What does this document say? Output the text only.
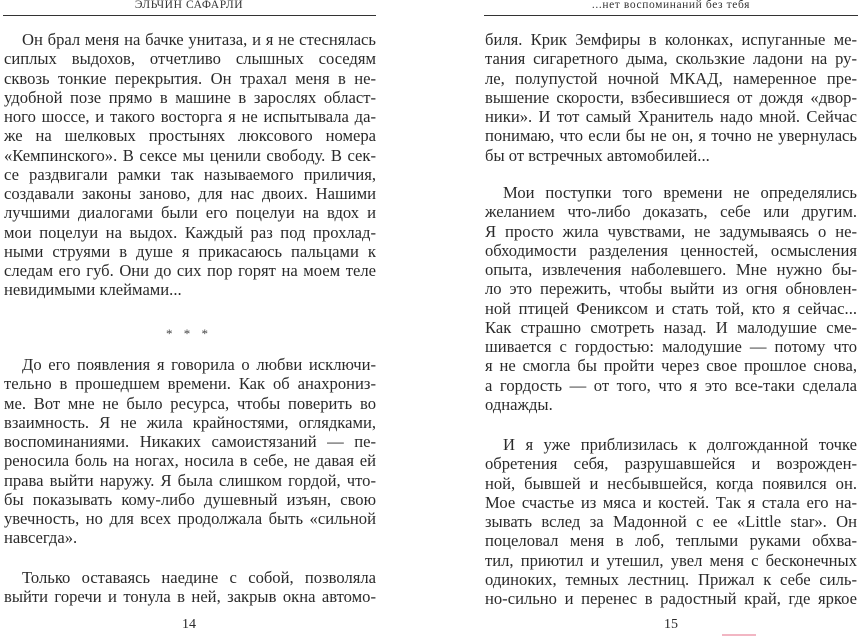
ЭЛЬЧИН САФАРЛИ
Он брал меня на бачке унитаза, и я не стеснялась
сиплых выдохов, отчетливо слышных соседям
сквозь тонкие перекрытия. Он трахал меня в не-
удобной позе прямо в машине в зарослях област-
ного шоссе, и такого восторга я не испытывала да-
же на шелковых простынях люксового номера
«Кемпинского». В сексе мы ценили свободу. В сек-
се раздвигали рамки так называемого приличия,
создавали законы заново, для нас двоих. Нашими
лучшими диалогами были его поцелуи на вдох и
мои поцелуи на выдох. Каждый раз под прохлад-
ными струями в душе я прикасаюсь пальцами к
следам его губ. Они до сих пор горят на моем теле
невидимыми клеймами...
* * *
До его появления я говорила о любви исключи-
тельно в прошедшем времени. Как об анахрониз-
ме. Вот мне не было ресурса, чтобы поверить во
взаимность. Я не жила крайностями, оглядками,
воспоминаниями. Никаких самоистязаний — пе-
реносила боль на ногах, носила в себе, не давая ей
права выйти наружу. Я была слишком гордой, что-
бы показывать кому-либо душевный изъян, свою
увечность, но для всех продолжала быть «сильной
навсегда».
Только оставаясь наедине с собой, позволяла
выйти горечи и тонула в ней, закрыв окна автомо-
14
...нет воспоминаний без тебя
биля. Крик Земфиры в колонках, испуганные ме-
тания сигаретного дыма, скользкие ладони на ру-
ле, полупустой ночной МКАД, намеренное пре-
вышение скорости, взбесившиеся от дождя «двор-
ники». И тот самый Хранитель надо мной. Сейчас
понимаю, что если бы не он, я точно не увернулась
бы от встречных автомобилей...
Мои поступки того времени не определялись
желанием что-либо доказать, себе или другим.
Я просто жила чувствами, не задумываясь о не-
обходимости разделения ценностей, осмысления
опыта, извлечения наболевшего. Мне нужно бы-
ло это пережить, чтобы выйти из огня обновлен-
ной птицей Фениксом и стать той, кто я сейчас...
Как страшно смотреть назад. И малодушие сме-
шивается с гордостью: малодушие — потому что
я не смогла бы пройти через свое прошлое снова,
а гордость — от того, что я это все-таки сделала
однажды.
И я уже приблизилась к долгожданной точке
обретения себя, разрушавшейся и возрожден-
ной, бывшей и несбывшейся, когда появился он.
Мое счастье из мяса и костей. Так я стала его на-
зывать вслед за Мадонной с ее «Little star». Он
поцеловал меня в лоб, теплыми руками обхва-
тил, приютил и утешил, увел меня с бесконечных
одиноких, темных лестниц. Прижал к себе силь-
но-сильно и перенес в радостный край, где яркое
15
